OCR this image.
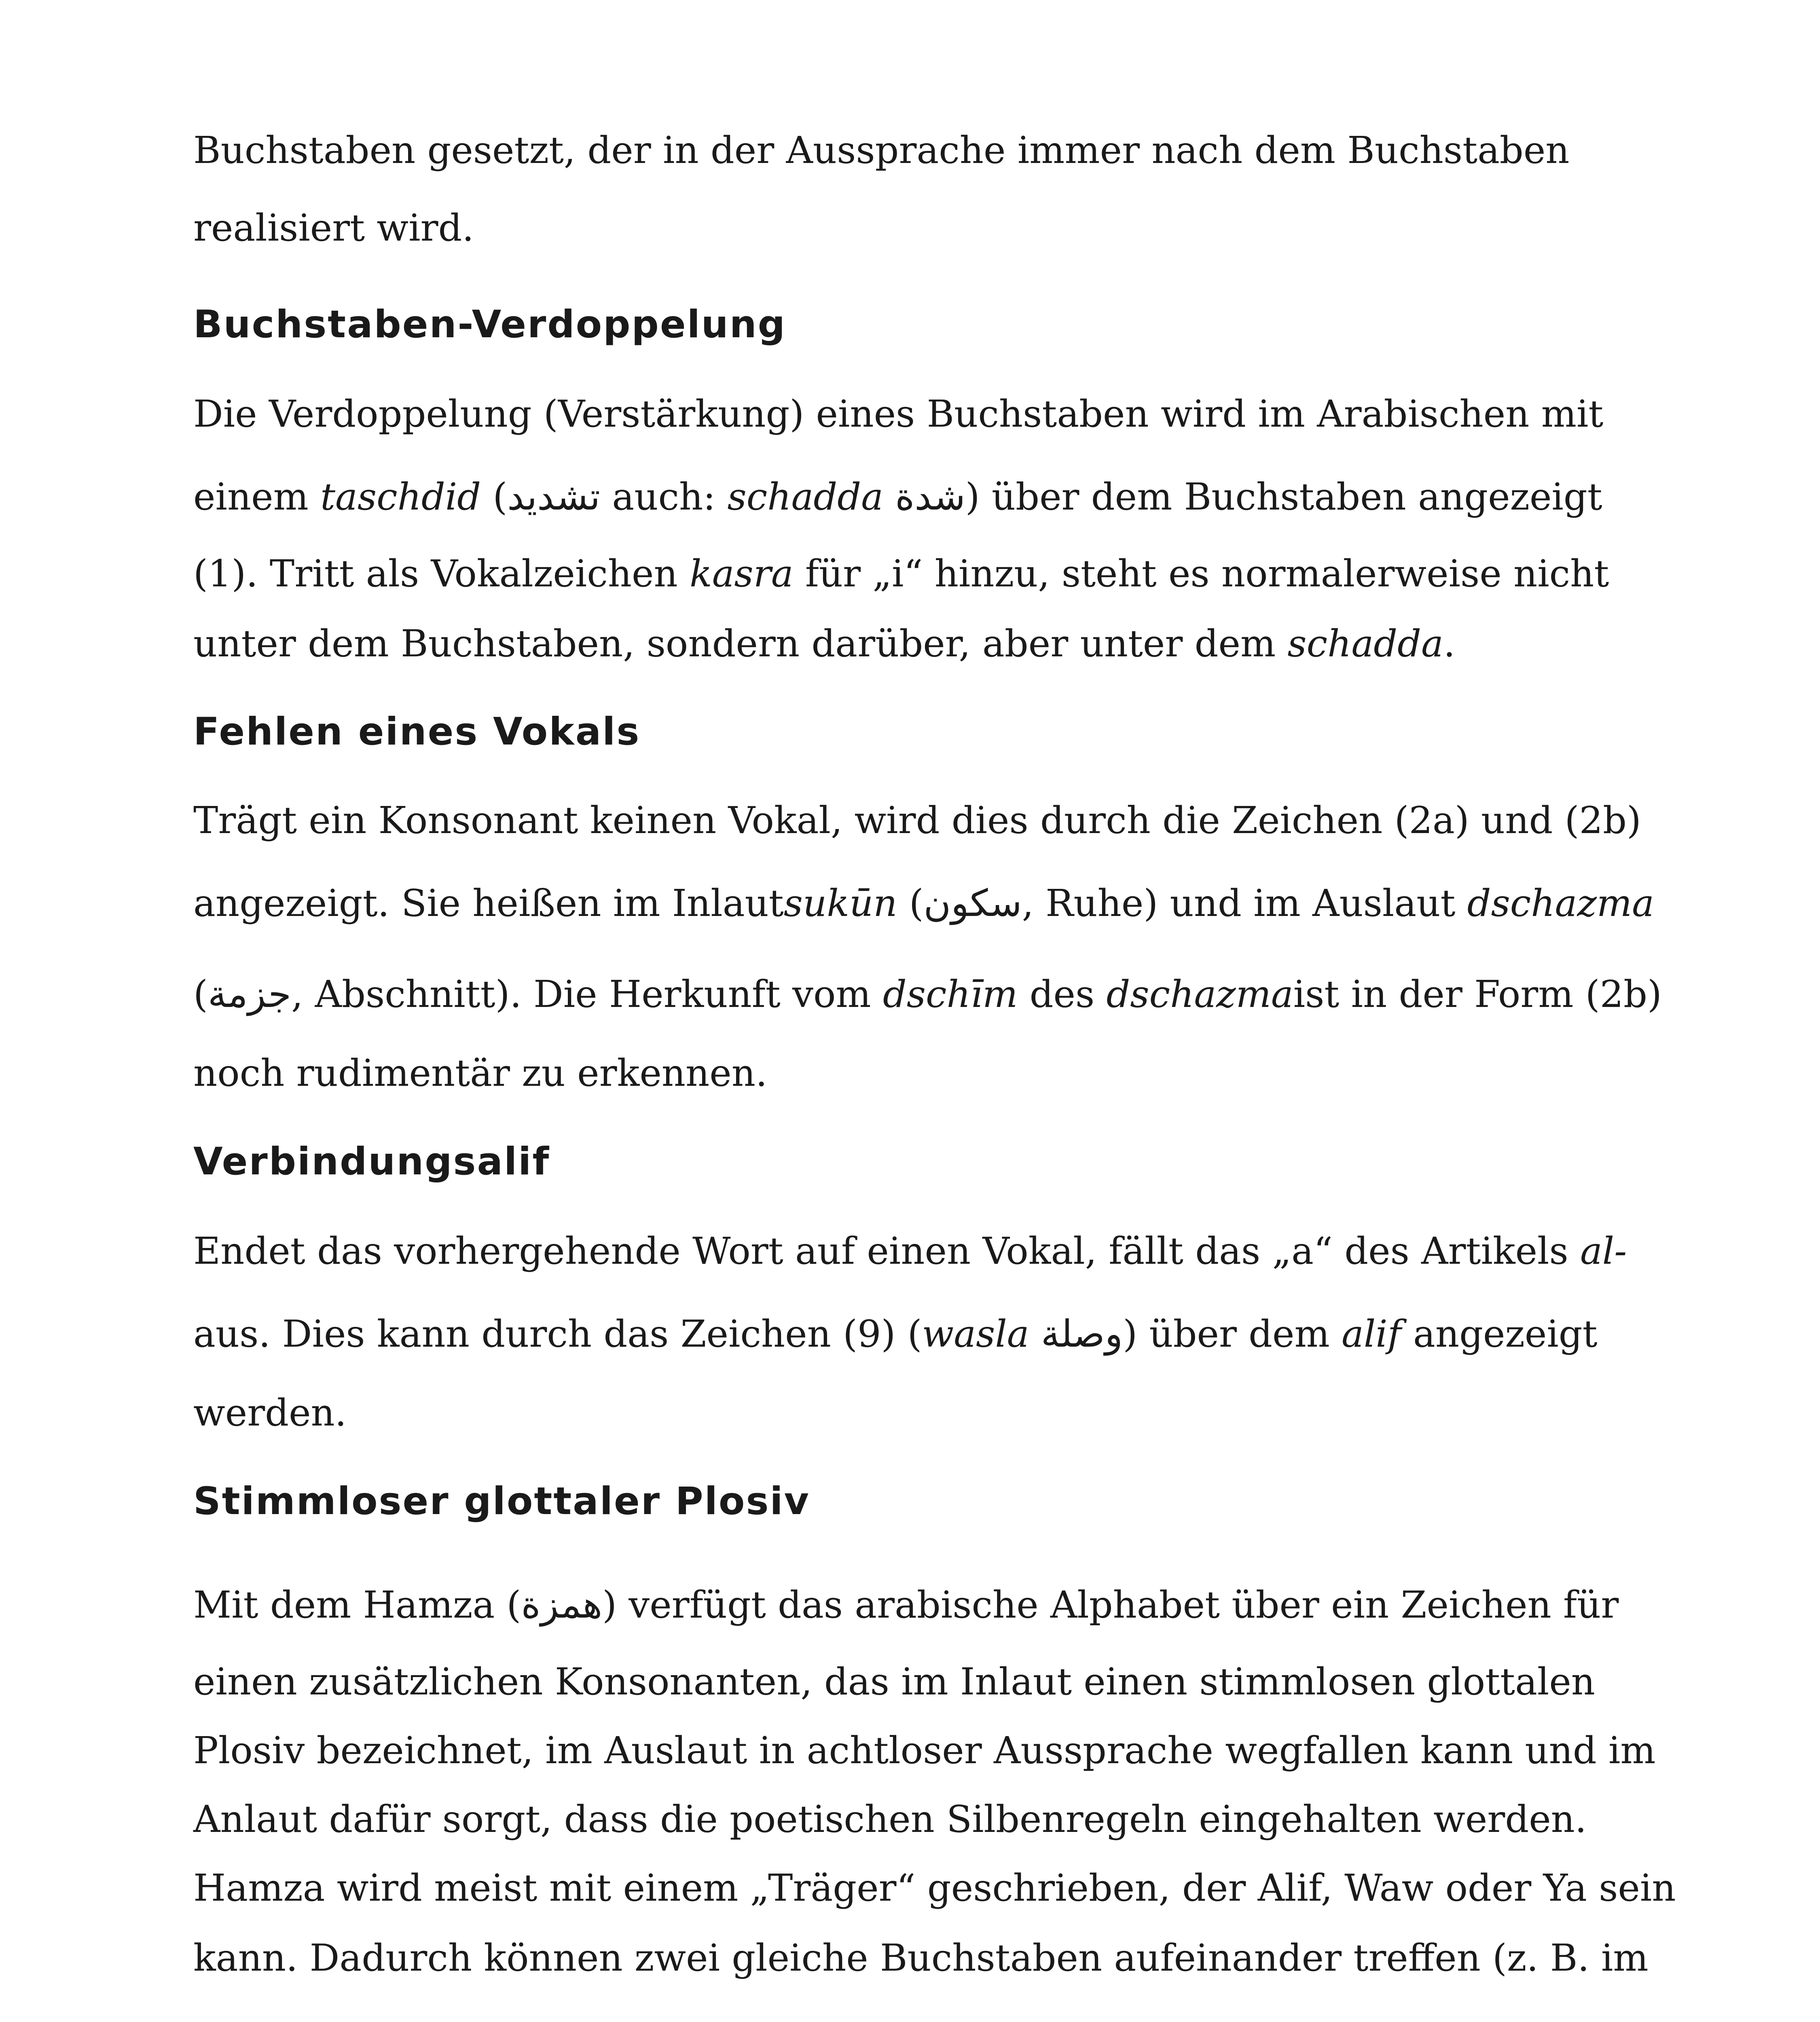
Buchstaben gesetzt, der in der Aussprache immer nach dem Buchstaben

realisiert wird.

Buchstaben-Verdoppelung

Die Verdoppelung (Verstärkung) eines Buchstaben wird im Arabischen mit

einem taschdid (تشديد auch: schadda شدة) über dem Buchstaben angezeigt

(1). Tritt als Vokalzeichen kasra für „i“ hinzu, steht es normalerweise nicht

unter dem Buchstaben, sondern darüber, aber unter dem schadda.

Fehlen eines Vokals

Trägt ein Konsonant keinen Vokal, wird dies durch die Zeichen (2a) und (2b)

angezeigt. Sie heißen im Inlautsukūn (سكون, Ruhe) und im Auslaut dschazma

(جزمة, Abschnitt). Die Herkunft vom dschīm des dschazmaist in der Form (2b)

noch rudimentär zu erkennen.

Verbindungsalif

Endet das vorhergehende Wort auf einen Vokal, fällt das „a“ des Artikels al-

aus. Dies kann durch das Zeichen (9) (wasla وصلة) über dem alif angezeigt

werden.

Stimmloser glottaler Plosiv

Mit dem Hamza (همزة) verfügt das arabische Alphabet über ein Zeichen für

einen zusätzlichen Konsonanten, das im Inlaut einen stimmlosen glottalen

Plosiv bezeichnet, im Auslaut in achtloser Aussprache wegfallen kann und im

Anlaut dafür sorgt, dass die poetischen Silbenregeln eingehalten werden.

Hamza wird meist mit einem „Träger“ geschrieben, der Alif, Waw oder Ya sein

kann. Dadurch können zwei gleiche Buchstaben aufeinander treffen (z. B. im
